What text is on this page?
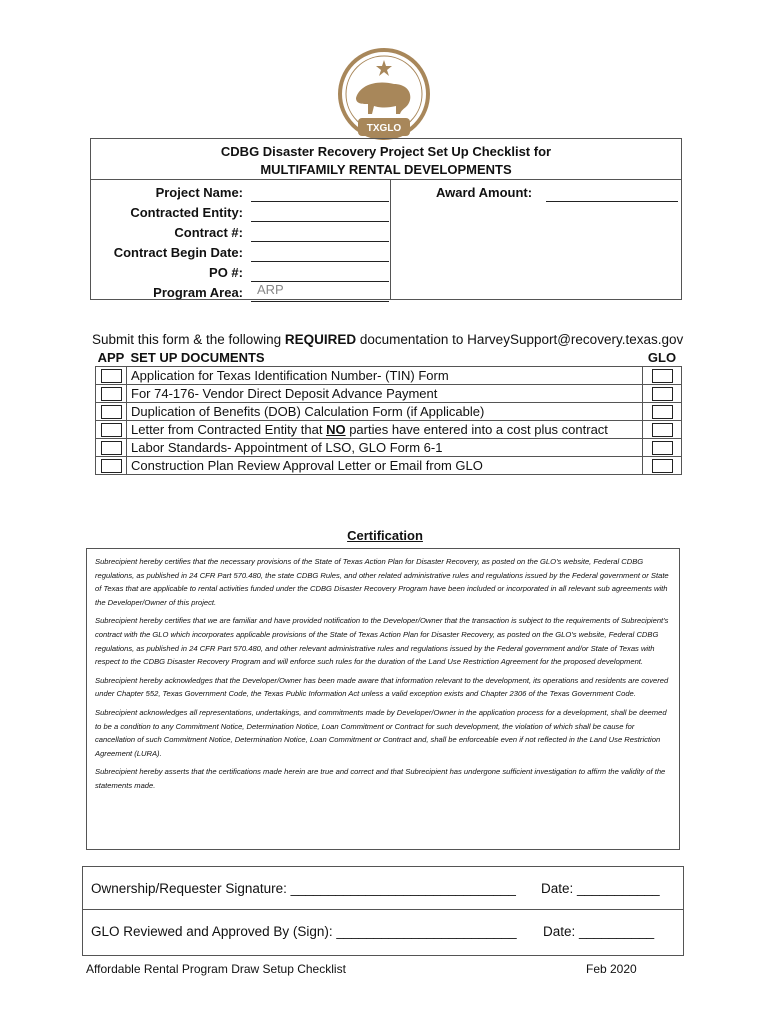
TXGLO
CDBG Disaster Recovery Project Set Up Checklist for
MULTIFAMILY RENTAL DEVELOPMENTS
Project Name:
Contracted Entity:
Contract #:
Contract Begin Date:
PO #:
Program Area: ARP
Award Amount:
Submit this form & the following REQUIRED documentation to HarveySupport@recovery.texas.gov
APP	SET UP DOCUMENTS	GLO
	Application for Texas Identification Number- (TIN) Form	
	For 74-176- Vendor Direct Deposit Advance Payment	
	Duplication of Benefits (DOB) Calculation Form (if Applicable)	
	Letter from Contracted Entity that NO parties have entered into a cost plus contract	
	Labor Standards- Appointment of LSO, GLO Form 6-1	
	Construction Plan Review Approval Letter or Email from GLO	
Certification

Subrecipient hereby certifies that the necessary provisions of the State of Texas Action Plan for Disaster Recovery, as posted on the GLO's website, Federal CDBG regulations, as published in 24 CFR Part 570.480, the state CDBG Rules, and other related administrative rules and regulations issued by the Federal government or State of Texas that are applicable to rental activities funded under the CDBG Disaster Recovery Program have been included or incorporated in all relevant sub agreements with the Developer/Owner of this project.

Subrecipient hereby certifies that we are familiar and have provided notification to the Developer/Owner that the transaction is subject to the requirements of Subrecipient's contract with the GLO which incorporates applicable provisions of the State of Texas Action Plan for Disaster Recovery, as posted on the GLO's website, Federal CDBG regulations, as published in 24 CFR Part 570.480, and other relevant administrative rules and regulations issued by the Federal government and/or State of Texas with respect to the CDBG Disaster Recovery Program and will enforce such rules for the duration of the Land Use Restriction Agreement for the proposed development.

Subrecipient hereby acknowledges that the Developer/Owner has been made aware that information relevant to the development, its operations and residents are covered under Chapter 552, Texas Government Code, the Texas Public Information Act unless a valid exception exists and Chapter 2306 of the Texas Government Code.

Subrecipient acknowledges all representations, undertakings, and commitments made by Developer/Owner in the application process for a development, shall be deemed to be a condition to any Commitment Notice, Determination Notice, Loan Commitment or Contract for such development, the violation of which shall be cause for cancellation of such Commitment Notice, Determination Notice, Loan Commitment or Contract and, shall be enforceable even if not reflected in the Land Use Restriction Agreement (LURA).

Subrecipient hereby asserts that the certifications made herein are true and correct and that Subrecipient has undergone sufficient investigation to affirm the validity of the statements made.

Ownership/Requester Signature: ______________________________ Date: ___________
GLO Reviewed and Approved By (Sign): ________________________ Date: __________
Affordable Rental Program Draw Setup Checklist	Feb 2020
